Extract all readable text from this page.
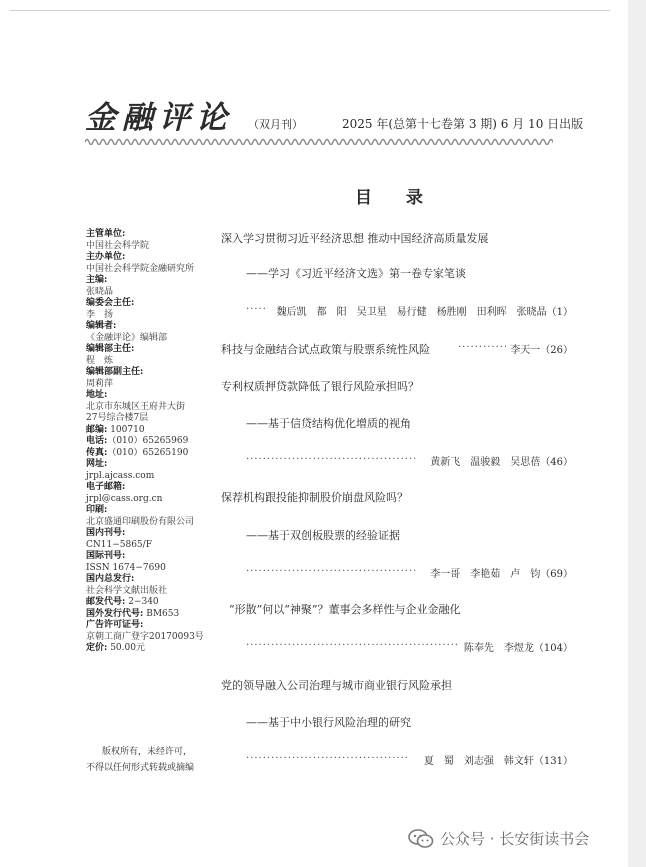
金融评论 （双月刊）	2025 年(总第十七卷第 3 期) 6 月 10 日出版
目 录
主管单位:
中国社会科学院
主办单位:
中国社会科学院金融研究所
主编:
张晓晶
编委会主任:
李　扬
编辑者:
《金融评论》编辑部
编辑部主任:
程　炼
编辑部副主任:
周莉萍
地址:
北京市东城区王府井大街
27号综合楼7层
邮编: 100710
电话:（010）65265969
传真:（010）65265190
网址:
jrpl.ajcass.com
电子邮箱:
jrpl@cass.org.cn
印刷:
北京盛通印刷股份有限公司
国内刊号:
CN11−5865/F
国际刊号:
ISSN 1674−7690
国内总发行:
社会科学文献出版社
邮发代号: 2−340
国外发行代号: BM653
广告许可证号:
京朝工商广登字20170093号
定价: 50.00元
版权所有，未经许可，
不得以任何形式转载或摘编
深入学习贯彻习近平经济思想 推动中国经济高质量发展
——学习《习近平经济文选》第一卷专家笔谈
·····
魏后凯　都　阳　吴卫星　易行健　杨胜刚　田利晖　张晓晶（1）
科技与金融结合试点政策与股票系统性风险 ·····	李天一（26）
专利权质押贷款降低了银行风险承担吗？
——基于信贷结构优化增质的视角
·····
黄新飞　温骏毅　吴思蓓（46）
保荐机构跟投能抑制股价崩盘风险吗？
——基于双创板股票的经验证据
·····
李一哥　李艳茹　卢　钧（69）
“形散”何以“神聚”？董事会多样性与企业金融化
·····
陈奉先　李煜龙（104）
党的领导融入公司治理与城市商业银行风险承担
——基于中小银行风险治理的研究
·····
夏　蜀　刘志强　韩文轩（131）
公众号 · 长安街读书会
